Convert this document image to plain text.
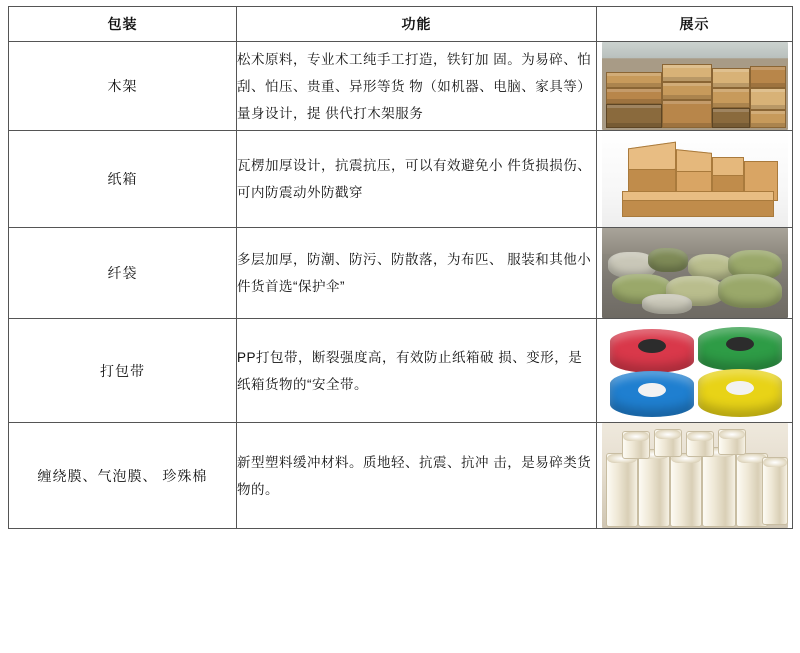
包装	功能	展示
木架	松术原料，专业术工纯手工打造，铁钉加 固。为易碎、怕刮、怕压、贵重、异形等货 物（如机器、电脑、家具等）量身设计，提 供代打木架服务	

纸箱	瓦楞加厚设计，抗震抗压，可以有效避免小 件货损损伤、可内防震动外防戳穿	

纤袋	多层加厚，防潮、防污、防散落，为布匹、 服装和其他小件货首选“保护伞”	

打包带	PP打包带，断裂强度高，有效防止纸箱破 损、变形，是纸箱货物的“安全带。	

缠绕膜、气泡膜、 珍殊棉	新型塑料缓冲材料。质地轻、抗震、抗冲 击，是易碎类货物的。	
